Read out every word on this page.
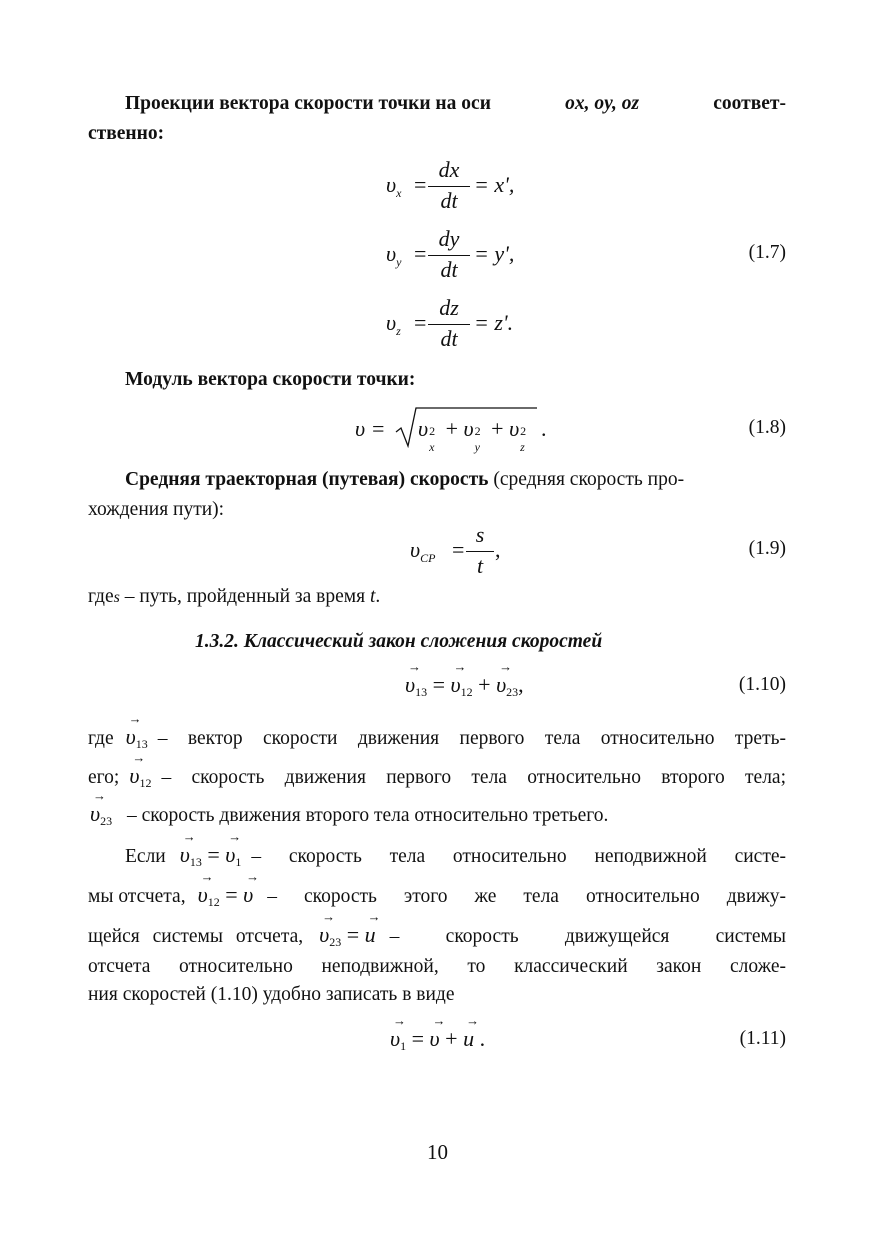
Проекции вектора скорости точки на оси	ox, oy, oz	соответ-
ственно:
$\upsilon_x$ =
dx
dt
= x',
$\upsilon_y$ =
dy
dt
= y',
$\upsilon_z$ =
dz
dt
= z'.
(1.7)
Модуль вектора скорости точки:
υ = υ 2
x
+ υ 2
y
+ υ 2
z
.	(1.8)
Средняя траекторная (путевая) скорость (средняя скорость про-
хождения пути):
$\upsilon_{CP}$ =
s
t
,	(1.9)
гдеs – путь, пройденный за время t.
1.3.2. Классический закон сложения скоростей
→ υ13 = → υ12 + → υ23,	(1.10)
где → $\upsilon_{13}$ – вектор скорости движения первого тела относительно треть-
его; → $\upsilon_{12}$ – скорость движения первого тела относительно второго тела;
→ $\upsilon_{23}$ – скорость движения второго тела относительно третьего.
Если → υ13 = → υ1 – скорость тела относительно неподвижной систе-
мы отсчета, → υ12 = → υ – скорость этого же тела относительно движу-
щейся системы отсчета, → υ23 = → u – скорость движущейся системы
отсчета относительно неподвижной, то классический закон сложе-
ния скоростей (1.10) удобно записать в виде
→ υ1 = → υ + → u .	(1.11)
10
